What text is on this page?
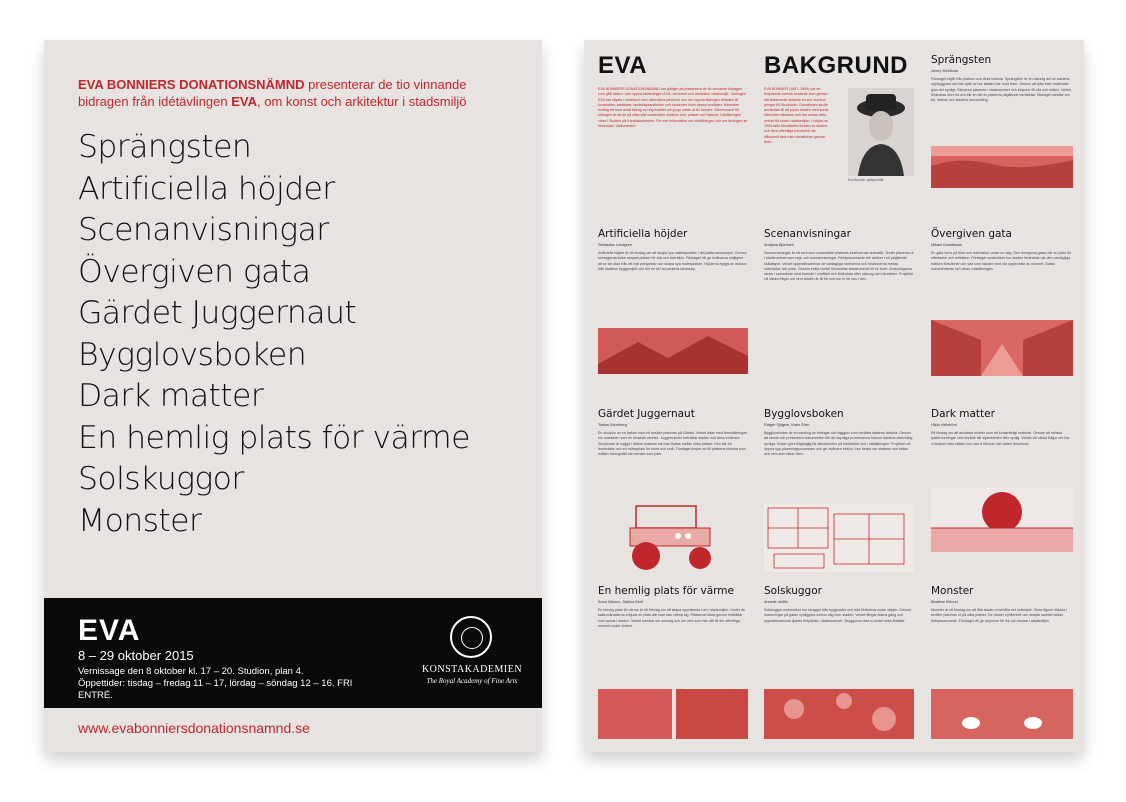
EVA BONNIERS DONATIONSNÄMND presenterar de tio vinnande bidragen från idétävlingen EVA, om konst och arkitektur i stadsmiljö

Sprängsten
Artificiella höjder
Scenanvisningar
Övergiven gata
Gärdet Juggernaut
Bygglovsboken
Dark matter
En hemlig plats för värme
Solskuggor
Monster
EVA
8 – 29 oktober 2015
Vernissage den 8 oktober kl. 17 – 20. Studion, plan 4.
Öppettider: tisdag – fredag 11 – 17, lördag – söndag 12 – 16. FRI ENTRÉ.
KONSTAKADEMIEN
The Royal Academy of Fine Arts
www.evabonniersdonationsnamnd.se
EVA
EVA BONNIERS DONATIONSNÄMND har glädjen att presentera de tio vinnande bidragen som gått vidare i den öppna idétävlingen EVA, om konst och arkitektur i stadsmiljö. Tävlingen EVA har utlysts i samband med nämndens jubileum och den öppna tävlingen riktades till konstnärer, arkitekter, landskapsarkitekter och studenter inom dessa områden. Nämnden mottog ett stort antal bidrag av hög kvalitet och juryn valde ut tio vinnare. Gemensamt för bidragen är att de på olika sätt undersöker stadens rum, platser och historia. Utställningen visas i Studion på Konstakademien. För mer information om utställningen och om tävlingen se hemsidan. Välkommen!
BAKGRUND
EVA BONNIER (1857–1909) var en betydande svensk konstnär som genom sitt testamente skänkte en stor summa pengar till Stockholm. Donationen skulle användas till att pryda staden med konst. Nämnden bildades och har sedan dess verkat för konst i stadsmiljön. I början av 1900-talet förvaltades fonden av staden och flera offentliga konstverk har tillkommit tack vare donationen genom åren.
Eva Bonnier, självporträtt
Sprängsten
Jenny Weidlund
Förslaget utgår från platsen och dess historia. Sprängsten är en naturlig del av stadens uppbyggnad och bär spår av hur staden har vuxit fram. Genom att lyfta fram materialet görs det synligt. Stenarna placeras i stadsrummet och inbjuder till vila och möten. Verket förändras över tid och blir en del av platsens pågående berättelse. Bidraget handlar om tid, rörelse och stadens omvandling.
Artificiella höjder
Sebastian Lundgren
Artificiella höjder är ett förslag om att skapa nya utsiktspunkter i det platta landskapet. Genom konstgjorda kullar skapas platser för vila och överblick. Förslaget vill ge invånarna möjlighet att se sin stad från ett nytt perspektiv och skapa nya mötesplatser. Höjderna byggs av massor från stadens byggprojekt och blir en del av parkens landskap.
Scenanvisningar
Andjana Björnsen
Scenanvisningar är ett verk som undersöker platsens inneboende dramatik. Texter placeras ut i stadsrummet som regi- och scenanvisningar. Förbipasserande blir aktörer i ett pågående skådespel. Verket uppmärksammar de vardagliga rörelserna och relationerna mellan människor och plats. Genom enkla medel förvandlas stadsrummet till en scen. Anvisningarna skrivs i samarbete med boende i området och förändras efter säsong och händelser. Projektet vill väcka frågor om vem staden är till för och hur vi rör oss i den.
Övergiven gata
Mikael Gustafsson
En gata töms på bilar och människor under en dag. Den övergivna gatan blir en plats för eftertanke och reflektion. Förslaget undersöker hur staden förändras när den vardagliga trafiken försvinner och vad som händer med vår upplevelse av rummet. Gatan dokumenteras och visas i utställningen.
Gärdet Juggernaut
Tobias Sternberg
En skulptur av en traktor med ett ansikte placeras på Gärdet. Verket leker med föreställningen om maskinen som en levande varelse. Juggernauten betraktar staden och dess invånare. Skulpturen är byggd i lättare material och kan flyttas mellan olika platser. Den blir ett landmärke och en mötesplats för stora och små. Förslaget knyter an till platsens historia som militärt övningsfält och senare som park.
Bygglovsboken
Rutger Sjögrim, Karin Ehrn
Bygglovsboken är en samling av ritningar och bygglov som berättar stadens historia. Genom att samla och presentera dokumenten blir de osynliga processerna bakom stadens utveckling synliga. Boken görs tillgänglig för allmänheten på biblioteket och i utställningen. Projektet vill öppna upp planeringsprocessen och ge invånare inblick i hur beslut om stadens rum fattas och vem som fattar dem.
Dark matter
Hilda Hellström
Ett förslag om att använda mörker som ett konstnärligt material. Genom att minska ljusföroreningar i ett område blir stjärnhimlen åter synlig. Verket vill väcka frågor om hur vi belyser våra städer och vad vi förlorar när natten försvinner.
En hemlig plats för värme
Anna Nilsson, Sabina Berit
En hemlig plats för värme är ett förslag om att skapa uppvärmda rum i stadsmiljön. Under de kalla månaderna erbjuds en plats där man kan värma sig. Platserna hittas genom ledtrådar som sprids i staden. Verket handlar om omsorg och om vem som har rätt till det offentliga rummet under vintern.
Solskuggor
Annelie Idoffin
Solskuggor undersöker hur skuggor från byggnader och träd förändras under dagen. Genom markeringar på gatan synliggörs solens väg över staden. Verket fångar tidens gång och uppmärksammar ljusets betydelse i stadsrummet. Skuggorna ritas in under olika årstider.
Monster
Beatrice Eklund
Monster är ett förslag om att låta staden innehålla det oväntade. Stora figurer klädda i textilier placeras ut på olika platser. De väcker nyfikenhet och skapar samtal mellan förbipasserande. Förslaget vill ge utrymme för lek och fantasi i stadsmiljön.
